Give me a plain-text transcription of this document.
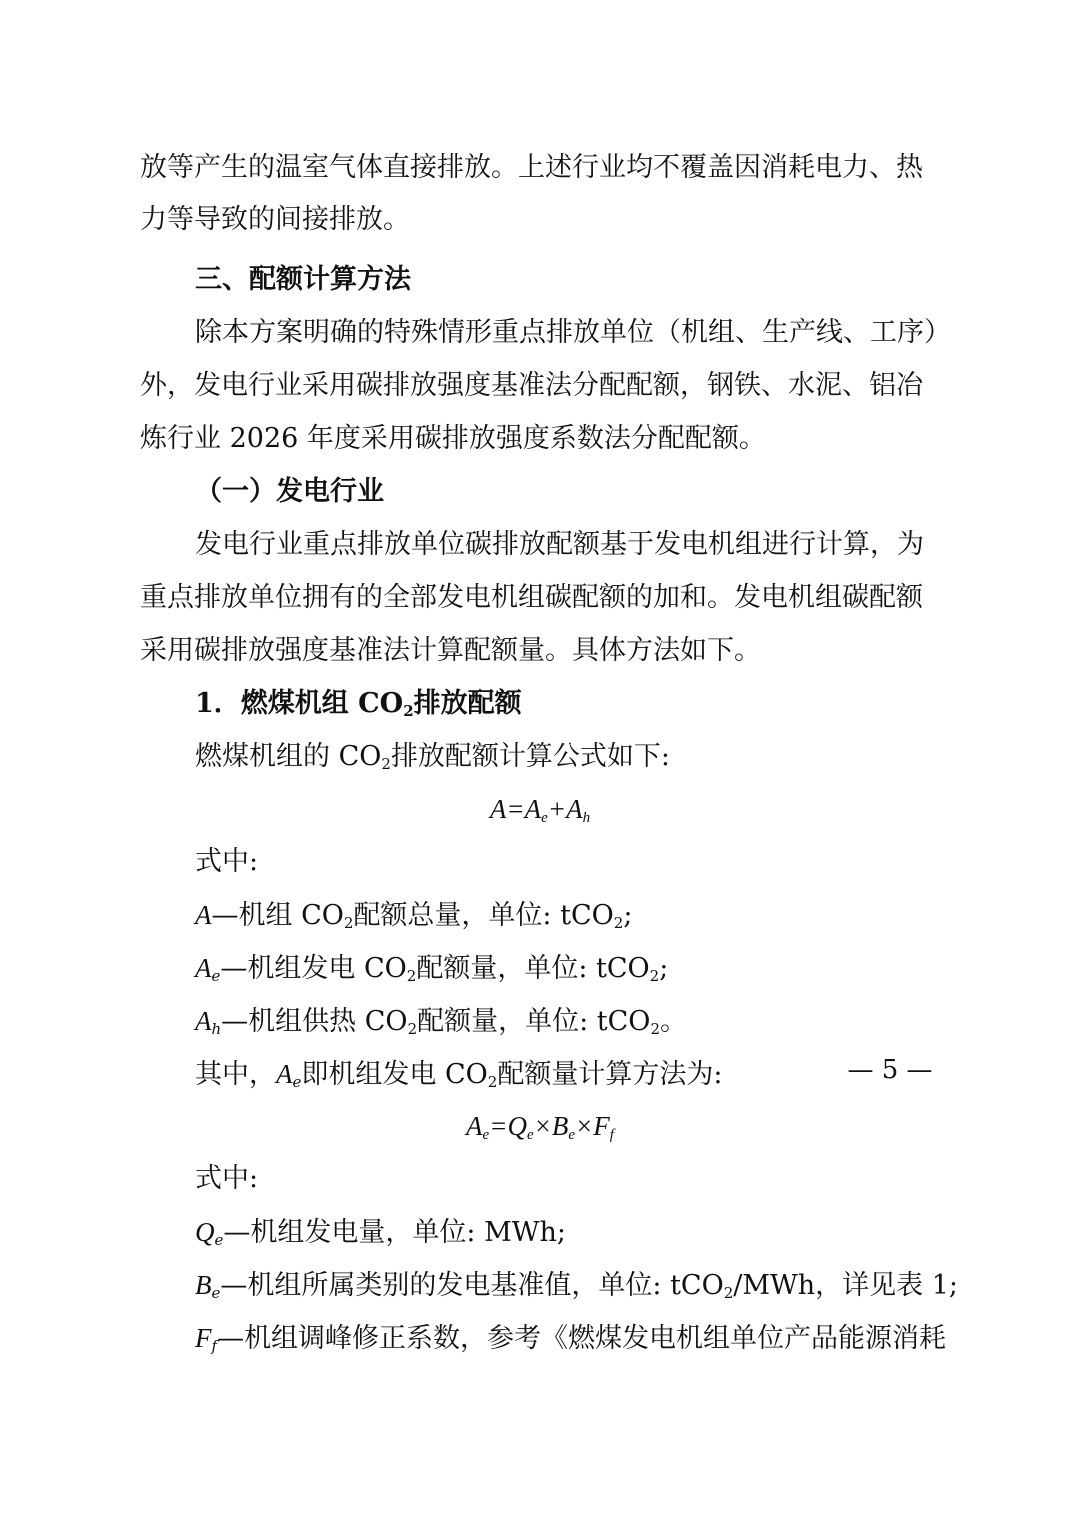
放等产生的温室气体直接排放。上述行业均不覆盖因消耗电力、热
力等导致的间接排放。
三、配额计算方法
除本方案明确的特殊情形重点排放单位（机组、生产线、工序）
外，发电行业采用碳排放强度基准法分配配额，钢铁、水泥、铝冶
炼行业 2026 年度采用碳排放强度系数法分配配额。
（一）发电行业
发电行业重点排放单位碳排放配额基于发电机组进行计算，为
重点排放单位拥有的全部发电机组碳配额的加和。发电机组碳配额
采用碳排放强度基准法计算配额量。具体方法如下。
1．燃煤机组 $CO_2$排放配额
燃煤机组的 $CO_2$排放配额计算公式如下:
$A=A_e+A_h$
式中:
A—机组 $CO_2$配额总量，单位: tCO$_2$;
$A_e—$机组发电 $CO_2$配额量，单位: tCO$_2$;
$A_h—$机组供热 $CO_2$配额量，单位: tCO$_2$。
其中，$A_e$即机组发电 $CO_2$配额量计算方法为:
$A_e=Q_e\times B_e\times F_f$
式中:
$Q_e—$机组发电量，单位: MWh;
$B_e—$机组所属类别的发电基准值，单位: tCO$_2$/MWh，详见表 1;
$F_f—$机组调峰修正系数，参考《燃煤发电机组单位产品能源消耗
— 5 —
